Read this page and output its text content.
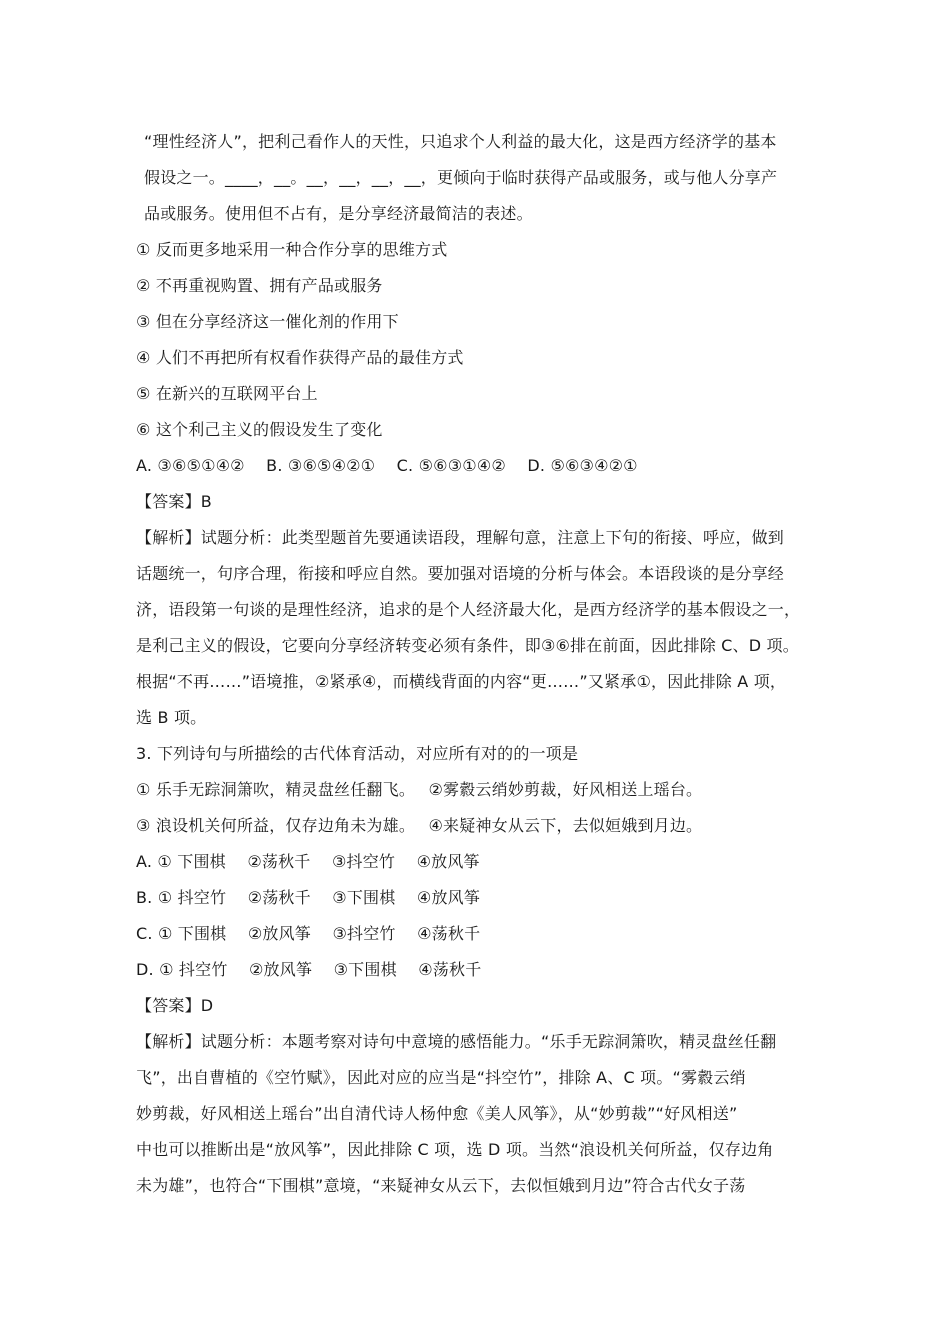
“理性经济人”，把利己看作人的天性，只追求个人利益的最大化，这是西方经济学的基本
假设之一。____，__。__，__，__，__，更倾向于临时获得产品或服务，或与他人分享产
品或服务。使用但不占有，是分享经济最简洁的表述。
① 反而更多地采用一种合作分享的思维方式
② 不再重视购置、拥有产品或服务
③ 但在分享经济这一催化剂的作用下
④ 人们不再把所有权看作获得产品的最佳方式
⑤ 在新兴的互联网平台上
⑥ 这个利己主义的假设发生了变化
A. ③⑥⑤①④②　 B. ③⑥⑤④②①　 C. ⑤⑥③①④②　 D. ⑤⑥③④②①
【答案】B
【解析】试题分析：此类型题首先要通读语段，理解句意，注意上下句的衔接、呼应，做到
话题统一，句序合理，衔接和呼应自然。要加强对语境的分析与体会。本语段谈的是分享经
济，语段第一句谈的是理性经济，追求的是个人经济最大化，是西方经济学的基本假设之一，
是利己主义的假设，它要向分享经济转变必须有条件，即③⑥排在前面，因此排除 C、D 项。
根据“不再……”语境推，②紧承④，而横线背面的内容“更……”又紧承①，因此排除 A 项，
选 B 项。
3. 下列诗句与所描绘的古代体育活动，对应所有对的的一项是
① 乐手无踪洞箫吹，精灵盘丝任翻飞。　 ②雾縠云绡妙剪裁，好风相送上瑶台。
③ 浪设机关何所益，仅存边角未为雄。　 ④来疑神女从云下，去似姮娥到月边。
A. ① 下围棋　 ②荡秋千　 ③抖空竹　 ④放风筝
B. ① 抖空竹　 ②荡秋千　 ③下围棋　 ④放风筝
C. ① 下围棋　 ②放风筝　 ③抖空竹　 ④荡秋千
D. ① 抖空竹　 ②放风筝　 ③下围棋　 ④荡秋千
【答案】D
【解析】试题分析：本题考察对诗句中意境的感悟能力。“乐手无踪洞箫吹，精灵盘丝任翻
飞”，出自曹植的《空竹赋》，因此对应的应当是“抖空竹”，排除 A、C 项。“雾縠云绡
妙剪裁，好风相送上瑶台”出自清代诗人杨仲愈《美人风筝》，从“妙剪裁”“好风相送”
中也可以推断出是“放风筝”，因此排除 C 项，选 D 项。当然“浪设机关何所益，仅存边角
未为雄”，也符合“下围棋”意境，“来疑神女从云下，去似恒娥到月边”符合古代女子荡
